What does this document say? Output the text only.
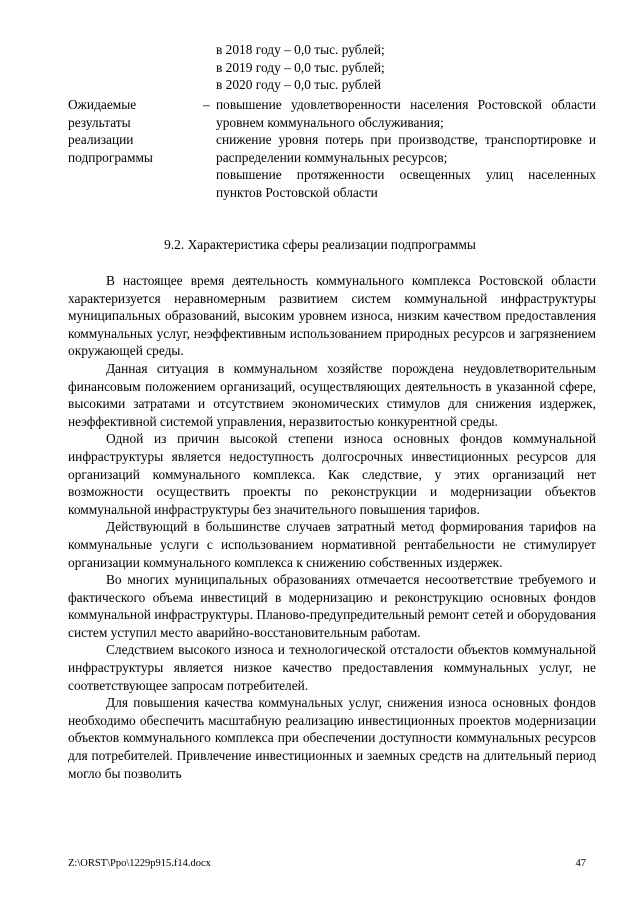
в 2018 году – 0,0 тыс. рублей;
в 2019 году – 0,0 тыс. рублей;
в 2020 году – 0,0 тыс. рублей
Ожидаемые
результаты
реализации
подпрограммы
– повышение удовлетворенности населения Ростовской области уровнем коммунального обслуживания;

снижение уровня потерь при производстве, транспортировке и распределении коммунальных ресурсов;

повышение протяженности освещенных улиц населенных пунктов Ростовской области

9.2. Характеристика сферы реализации подпрограммы

В настоящее время деятельность коммунального комплекса Ростовской области характеризуется неравномерным развитием систем коммунальной инфраструктуры муниципальных образований, высоким уровнем износа, низким качеством предоставления коммунальных услуг, неэффективным использованием природных ресурсов и загрязнением окружающей среды.

Данная ситуация в коммунальном хозяйстве порождена неудовлетворительным финансовым положением организаций, осуществляющих деятельность в указанной сфере, высокими затратами и отсутствием экономических стимулов для снижения издержек, неэффективной системой управления, неразвитостью конкурентной среды.

Одной из причин высокой степени износа основных фондов коммунальной инфраструктуры является недоступность долгосрочных инвестиционных ресурсов для организаций коммунального комплекса. Как следствие, у этих организаций нет возможности осуществить проекты по реконструкции и модернизации объектов коммунальной инфраструктуры без значительного повышения тарифов.

Действующий в большинстве случаев затратный метод формирования тарифов на коммунальные услуги с использованием нормативной рентабельности не стимулирует организации коммунального комплекса к снижению собственных издержек.

Во многих муниципальных образованиях отмечается несоответствие требуемого и фактического объема инвестиций в модернизацию и реконструкцию основных фондов коммунальной инфраструктуры. Планово-предупредительный ремонт сетей и оборудования систем уступил место аварийно-восстановительным работам.

Следствием высокого износа и технологической отсталости объектов коммунальной инфраструктуры является низкое качество предоставления коммунальных услуг, не соответствующее запросам потребителей.

Для повышения качества коммунальных услуг, снижения износа основных фондов необходимо обеспечить масштабную реализацию инвестиционных проектов модернизации объектов коммунального комплекса при обеспечении доступности коммунальных ресурсов для потребителей. Привлечение инвестиционных и заемных средств на длительный период могло бы позволить

Z:\ORST\Ppo\1229p915.f14.docx	47
